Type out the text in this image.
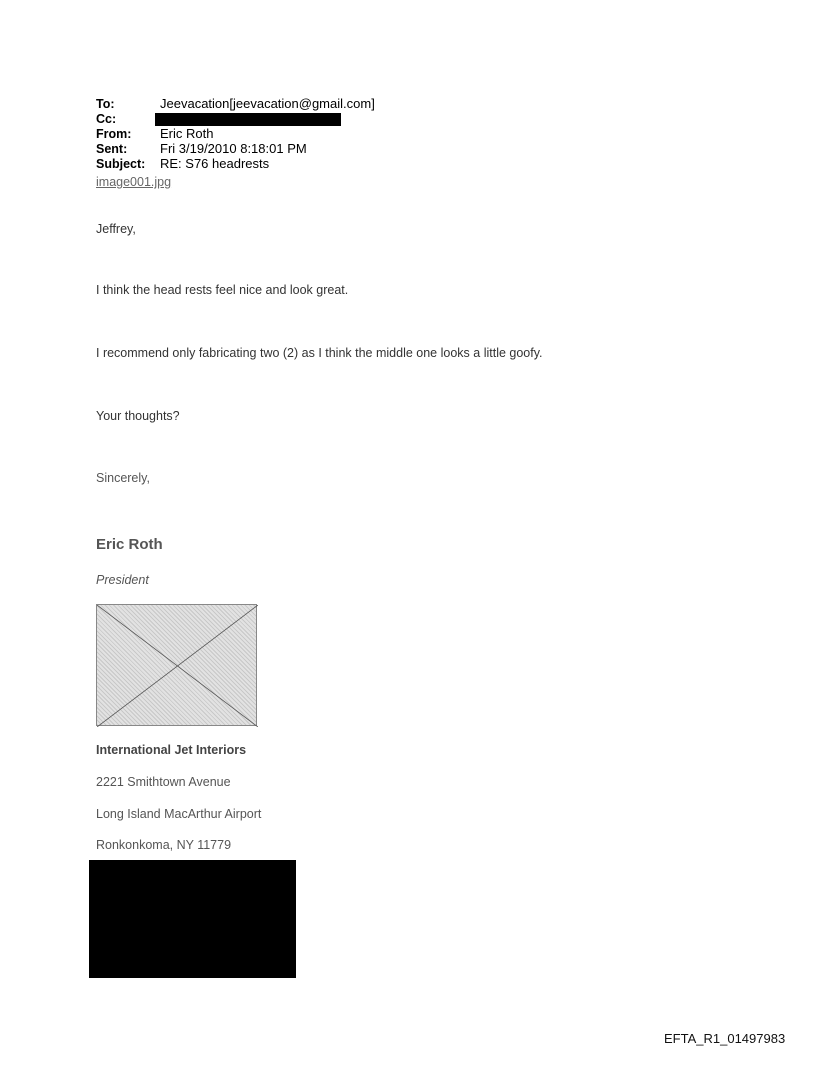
To:	Jeevacation[jeevacation@gmail.com]
Cc:
From: Eric Roth
Sent:	Fri 3/19/2010 8:18:01 PM
Subject: RE: S76 headrests
image001.jpg
Jeffrey,
I think the head rests feel nice and look great.
I recommend only fabricating two (2) as I think the middle one looks a little goofy.
Your thoughts?
Sincerely,
Eric Roth
President
International Jet Interiors
2221 Smithtown Avenue
Long Island MacArthur Airport
Ronkonkoma, NY 11779
EFTA_R1_01497983
